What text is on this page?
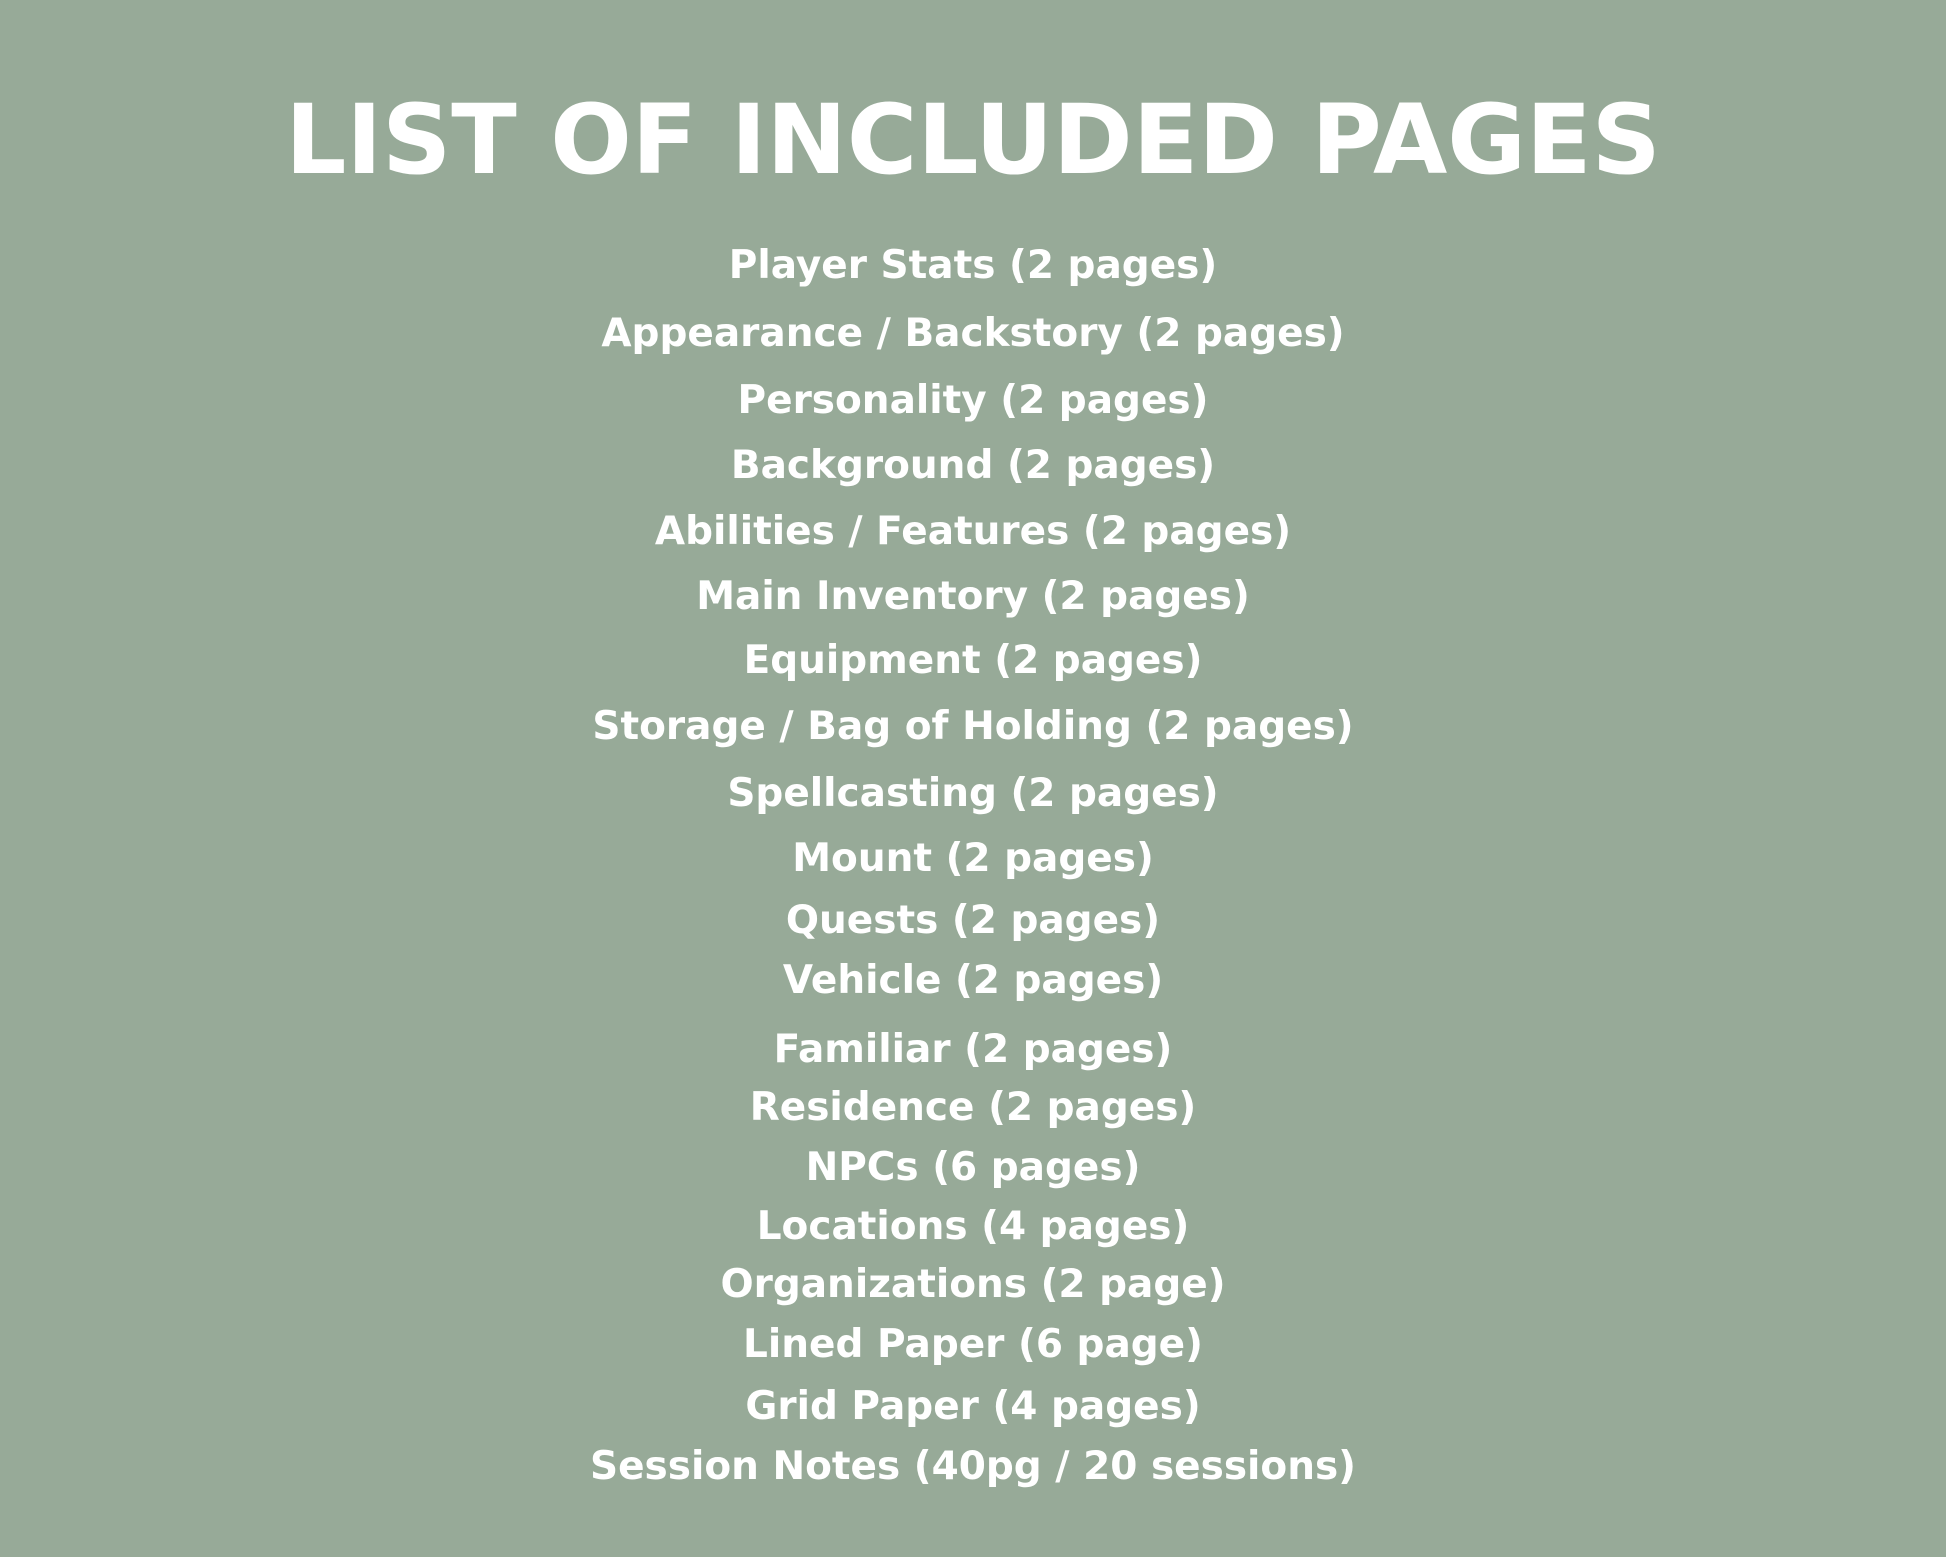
LIST OF INCLUDED PAGES
Player Stats (2 pages)
Appearance / Backstory (2 pages)
Personality (2 pages)
Background (2 pages)
Abilities / Features (2 pages)
Main Inventory (2 pages)
Equipment (2 pages)
Storage / Bag of Holding (2 pages)
Spellcasting (2 pages)
Mount (2 pages)
Quests (2 pages)
Vehicle (2 pages)
Familiar (2 pages)
Residence (2 pages)
NPCs (6 pages)
Locations (4 pages)
Organizations (2 page)
Lined Paper (6 page)
Grid Paper (4 pages)
Session Notes (40pg / 20 sessions)
